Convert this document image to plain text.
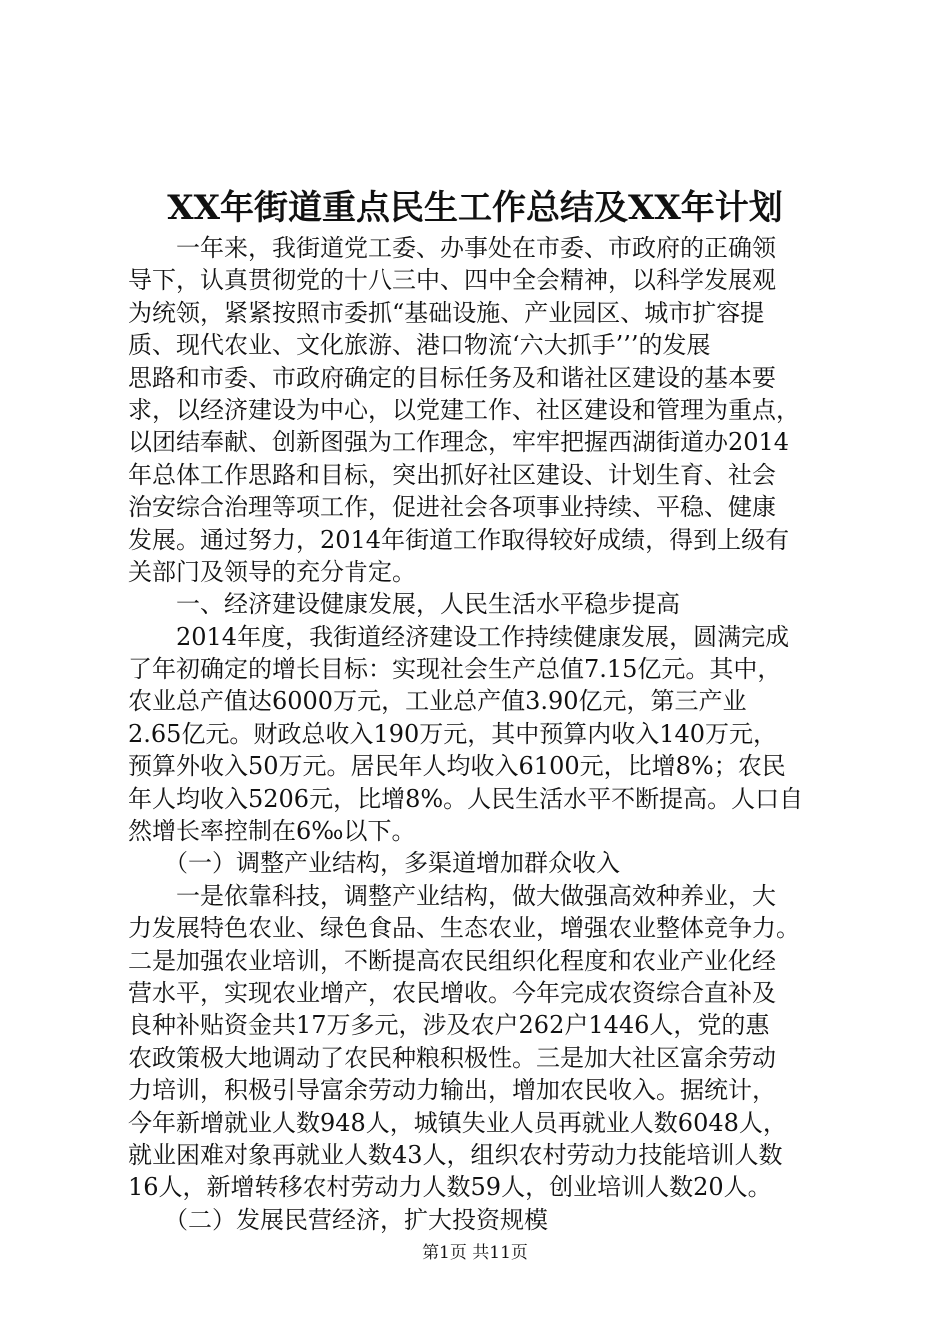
XX年街道重点民生工作总结及XX年计划
　　一年来，我街道党工委、办事处在市委、市政府的正确领
导下，认真贯彻党的十八三中、四中全会精神，以科学发展观
为统领，紧紧按照市委抓“基础设施、产业园区、城市扩容提
质、现代农业、文化旅游、港口物流‘六大抓手’’’的发展
思路和市委、市政府确定的目标任务及和谐社区建设的基本要
求，以经济建设为中心，以党建工作、社区建设和管理为重点，
以团结奉献、创新图强为工作理念，牢牢把握西湖街道办2014
年总体工作思路和目标，突出抓好社区建设、计划生育、社会
治安综合治理等项工作，促进社会各项事业持续、平稳、健康
发展。通过努力，2014年街道工作取得较好成绩，得到上级有
关部门及领导的充分肯定。
　　一、经济建设健康发展，人民生活水平稳步提高
　　2014年度，我街道经济建设工作持续健康发展，圆满完成
了年初确定的增长目标：实现社会生产总值7.15亿元。其中，
农业总产值达6000万元，工业总产值3.90亿元，第三产业
2.65亿元。财政总收入190万元，其中预算内收入140万元，
预算外收入50万元。居民年人均收入6100元，比增8%；农民
年人均收入5206元，比增8%。人民生活水平不断提高。人口自
然增长率控制在6‰以下。
　　（一）调整产业结构，多渠道增加群众收入
　　一是依靠科技，调整产业结构，做大做强高效种养业，大
力发展特色农业、绿色食品、生态农业，增强农业整体竞争力。
二是加强农业培训，不断提高农民组织化程度和农业产业化经
营水平，实现农业增产，农民增收。今年完成农资综合直补及
良种补贴资金共17万多元，涉及农户262户1446人，党的惠
农政策极大地调动了农民种粮积极性。三是加大社区富余劳动
力培训，积极引导富余劳动力输出，增加农民收入。据统计，
今年新增就业人数948人，城镇失业人员再就业人数6048人，
就业困难对象再就业人数43人，组织农村劳动力技能培训人数
16人，新增转移农村劳动力人数59人，创业培训人数20人。
　　（二）发展民营经济，扩大投资规模
第1页 共11页
